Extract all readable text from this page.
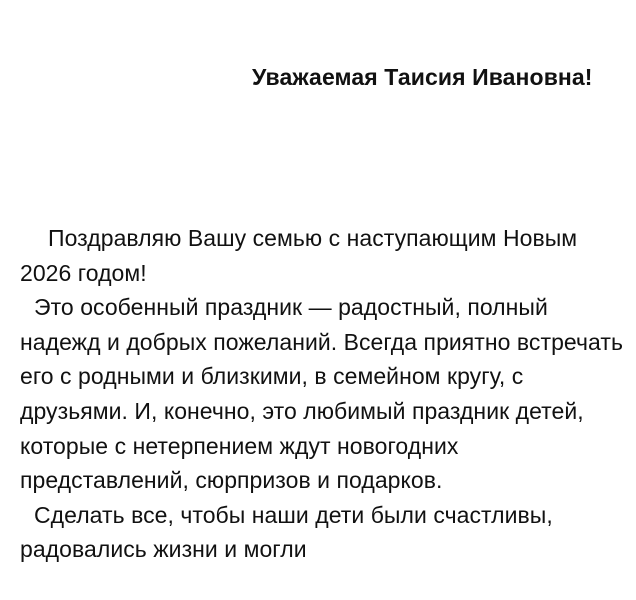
Уважаемая Таисия Ивановна!

Поздравляю Вашу семью с наступающим Новым 2026 годом!

Это особенный праздник — радостный, полный надежд и добрых пожеланий. Всегда приятно встречать его с родными и близкими, в семейном кругу, с друзьями. И, конечно, это любимый праздник детей, которые с нетерпением ждут новогодних представлений, сюрпризов и подарков.

Сделать все, чтобы наши дети были счастливы, радовались жизни и могли
